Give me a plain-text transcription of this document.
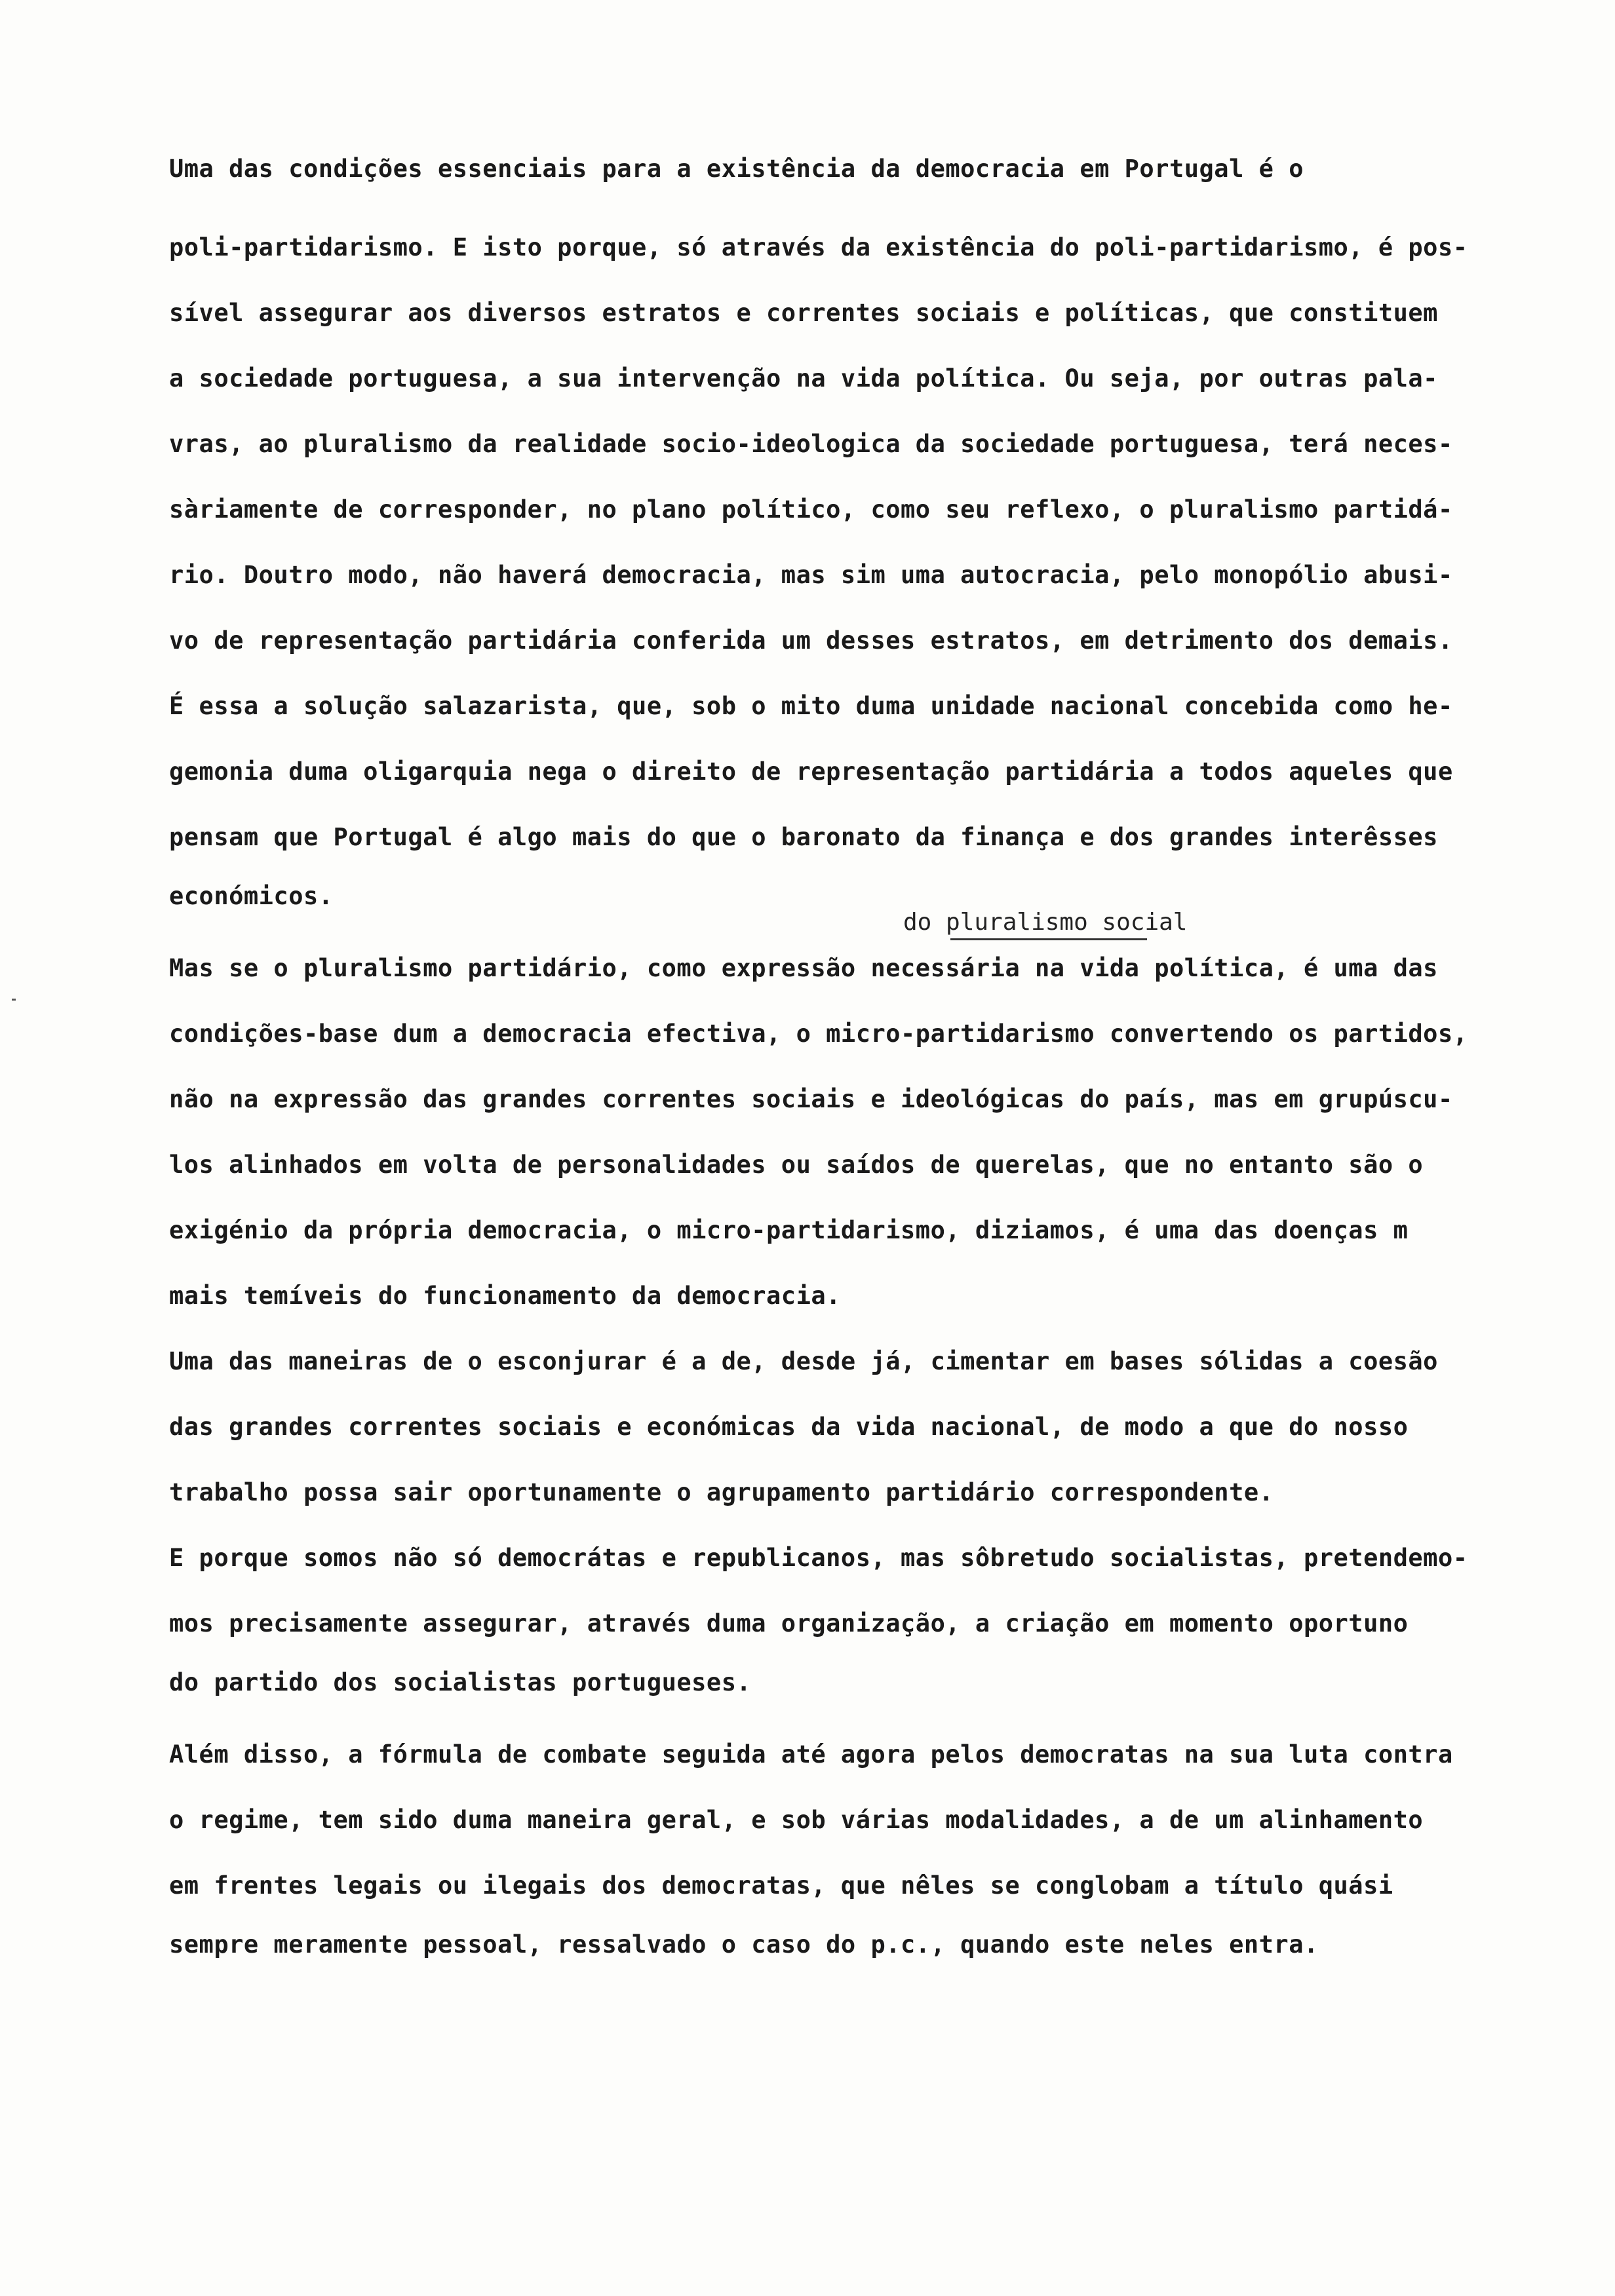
Uma das condições essenciais para a existência da democracia em Portugal é o
poli-partidarismo. E isto porque, só através da existência do poli-partidarismo, é pos-
sível assegurar aos diversos estratos e correntes sociais e políticas, que constituem
a sociedade portuguesa, a sua intervenção na vida política. Ou seja, por outras pala-
vras, ao pluralismo da realidade socio-ideologica da sociedade portuguesa, terá neces-
sàriamente de corresponder, no plano político, como seu reflexo, o pluralismo partidá-
rio. Doutro modo, não haverá democracia, mas sim uma autocracia, pelo monopólio abusi-
vo de representação partidária conferida um desses estratos, em detrimento dos demais.
É essa a solução salazarista, que, sob o mito duma unidade nacional concebida como he-
gemonia duma oligarquia nega o direito de representação partidária a todos aqueles que
pensam que Portugal é algo mais do que o baronato da finança e dos grandes interêsses
económicos.
Mas se o pluralismo partidário, como expressão necessária na vida política, é uma das
condições-base dum a democracia efectiva, o micro-partidarismo convertendo os partidos,
não na expressão das grandes correntes sociais e ideológicas do país, mas em grupúscu-
los alinhados em volta de personalidades ou saídos de querelas, que no entanto são o
exigénio da própria democracia, o micro-partidarismo, diziamos, é uma das doenças m
mais temíveis do funcionamento da democracia.
Uma das maneiras de o esconjurar é a de, desde já, cimentar em bases sólidas a coesão
das grandes correntes sociais e económicas da vida nacional, de modo a que do nosso
trabalho possa sair oportunamente o agrupamento partidário correspondente.
E porque somos não só democrátas e republicanos, mas sôbretudo socialistas, pretendemo-
mos precisamente assegurar, através duma organização, a criação em momento oportuno
do partido dos socialistas portugueses.
Além disso, a fórmula de combate seguida até agora pelos democratas na sua luta contra
o regime, tem sido duma maneira geral, e sob várias modalidades, a de um alinhamento
em frentes legais ou ilegais dos democratas, que nêles se conglobam a título quási
sempre meramente pessoal, ressalvado o caso do p.c., quando este neles entra.
do pluralismo social
